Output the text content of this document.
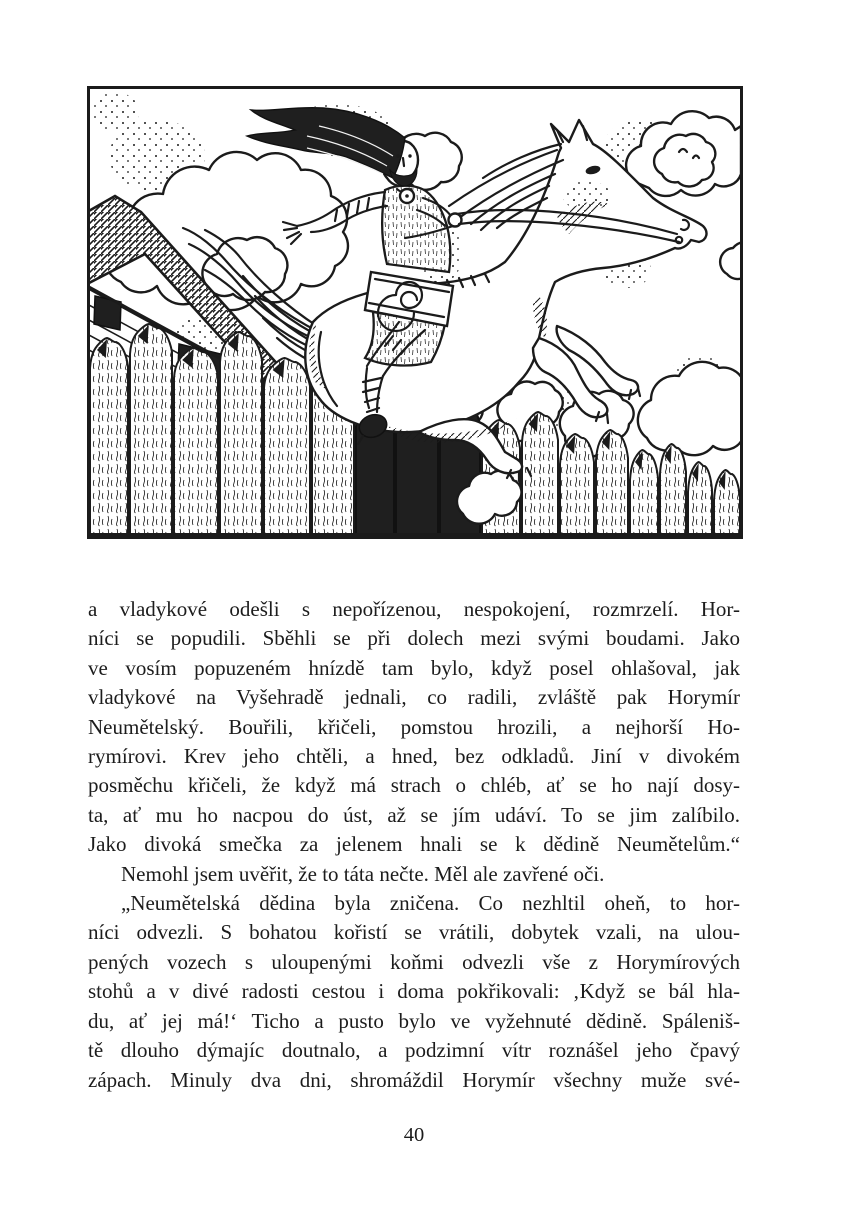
a vladykové odešli s nepořízenou, nespokojení, rozmrzelí. Hor-
níci se popudili. Sběhli se při dolech mezi svými boudami. Jako
ve vosím popuzeném hnízdě tam bylo, když posel ohlašoval, jak
vladykové na Vyšehradě jednali, co radili, zvláště pak Horymír
Neumětelský. Bouřili, křičeli, pomstou hrozili, a nejhorší Ho-
rymírovi. Krev jeho chtěli, a hned, bez odkladů. Jiní v divokém
posměchu křičeli, že když má strach o chléb, ať se ho nají dosy-
ta, ať mu ho nacpou do úst, až se jím udáví. To se jim zalíbilo.
Jako divoká smečka za jelenem hnali se k dědině Neumětelům.“
Nemohl jsem uvěřit, že to táta nečte. Měl ale zavřené oči.
„Neumětelská dědina byla zničena. Co nezhltil oheň, to hor-
níci odvezli. S bohatou kořistí se vrátili, dobytek vzali, na ulou-
pených vozech s uloupenými koňmi odvezli vše z Horymírových
stohů a v divé radosti cestou i doma pokřikovali: ‚Když se bál hla-
du, ať jej má!‘ Ticho a pusto bylo ve vyžehnuté dědině. Spáleniš-
tě dlouho dýmajíc doutnalo, a podzimní vítr roznášel jeho čpavý
zápach. Minuly dva dni, shromáždil Horymír všechny muže své-
40
